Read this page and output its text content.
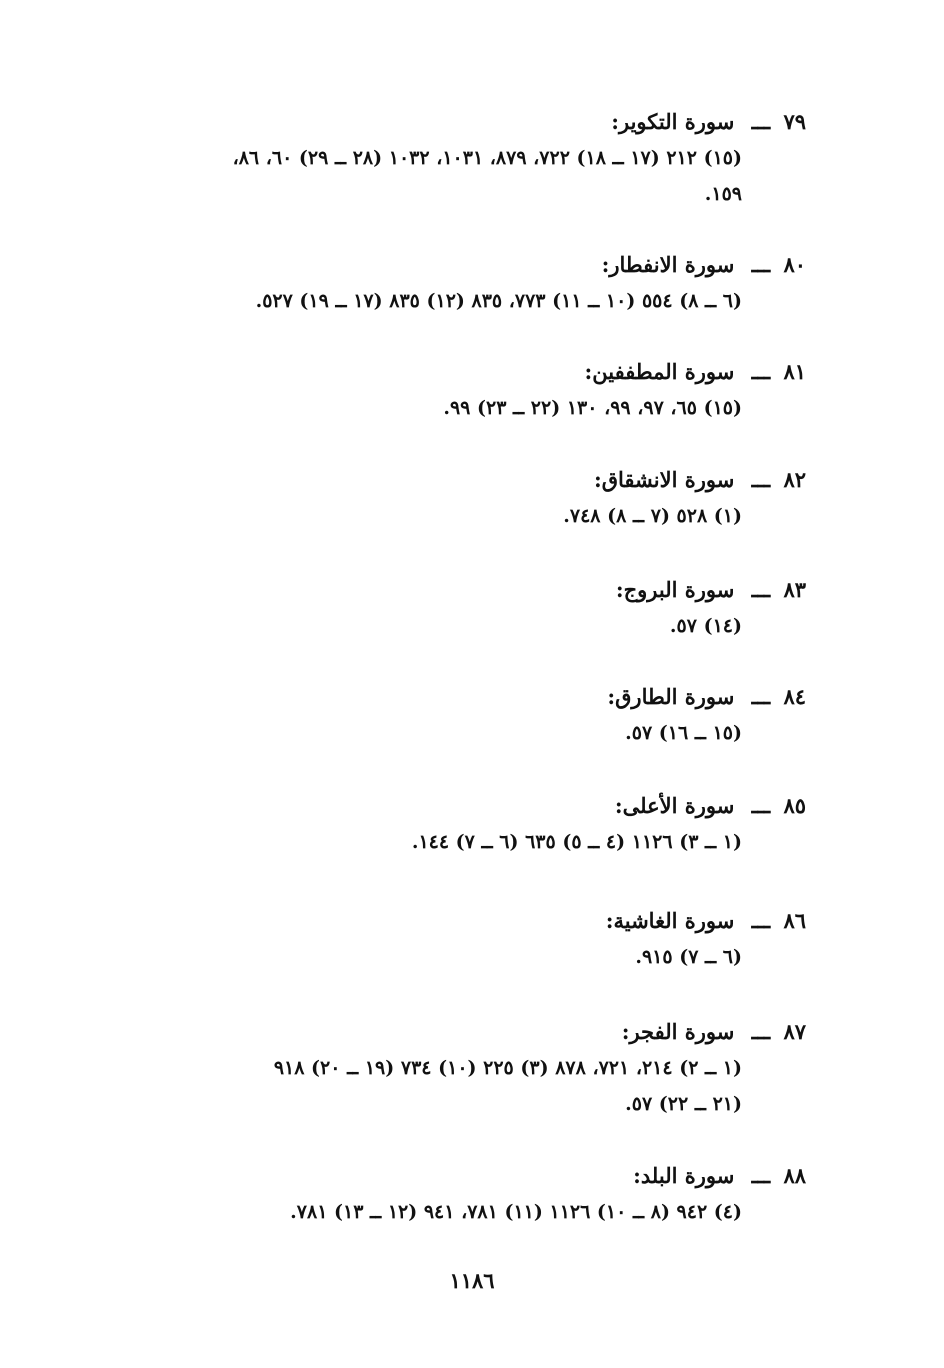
٧٩ ـــ سورة التكوير:
(١٥) ٢١٢ (١٧ ــ ١٨) ٧٢٢، ٨٧٩، ١٠٣١، ١٠٣٢ (٢٨ ــ ٢٩) ٦٠، ٨٦،
١٥٩.
٨٠ ـــ سورة الانفطار:
(٦ ــ ٨) ٥٥٤ (١٠ ــ ١١) ٧٧٣، ٨٣٥ (١٢) ٨٣٥ (١٧ ــ ١٩) ٥٢٧.
٨١ ـــ سورة المطففين:
(١٥) ٦٥، ٩٧، ٩٩، ١٣٠ (٢٢ ــ ٢٣) ٩٩.
٨٢ ـــ سورة الانشقاق:
(١) ٥٢٨ (٧ ــ ٨) ٧٤٨.
٨٣ ـــ سورة البروج:
(١٤) ٥٧.
٨٤ ـــ سورة الطارق:
(١٥ ــ ١٦) ٥٧.
٨٥ ـــ سورة الأعلى:
(١ ــ ٣) ١١٢٦ (٤ ــ ٥) ٦٣٥ (٦ ــ ٧) ١٤٤.
٨٦ ـــ سورة الغاشية:
(٦ ــ ٧) ٩١٥.
٨٧ ـــ سورة الفجر:
(١ ــ ٢) ٢١٤، ٧٢١، ٨٧٨ (٣) ٢٢٥ (١٠) ٧٣٤ (١٩ ــ ٢٠) ٩١٨
(٢١ ــ ٢٢) ٥٧.
٨٨ ـــ سورة البلد:
(٤) ٩٤٢ (٨ ــ ١٠) ١١٢٦ (١١) ٧٨١، ٩٤١ (١٢ ــ ١٣) ٧٨١.
١١٨٦
